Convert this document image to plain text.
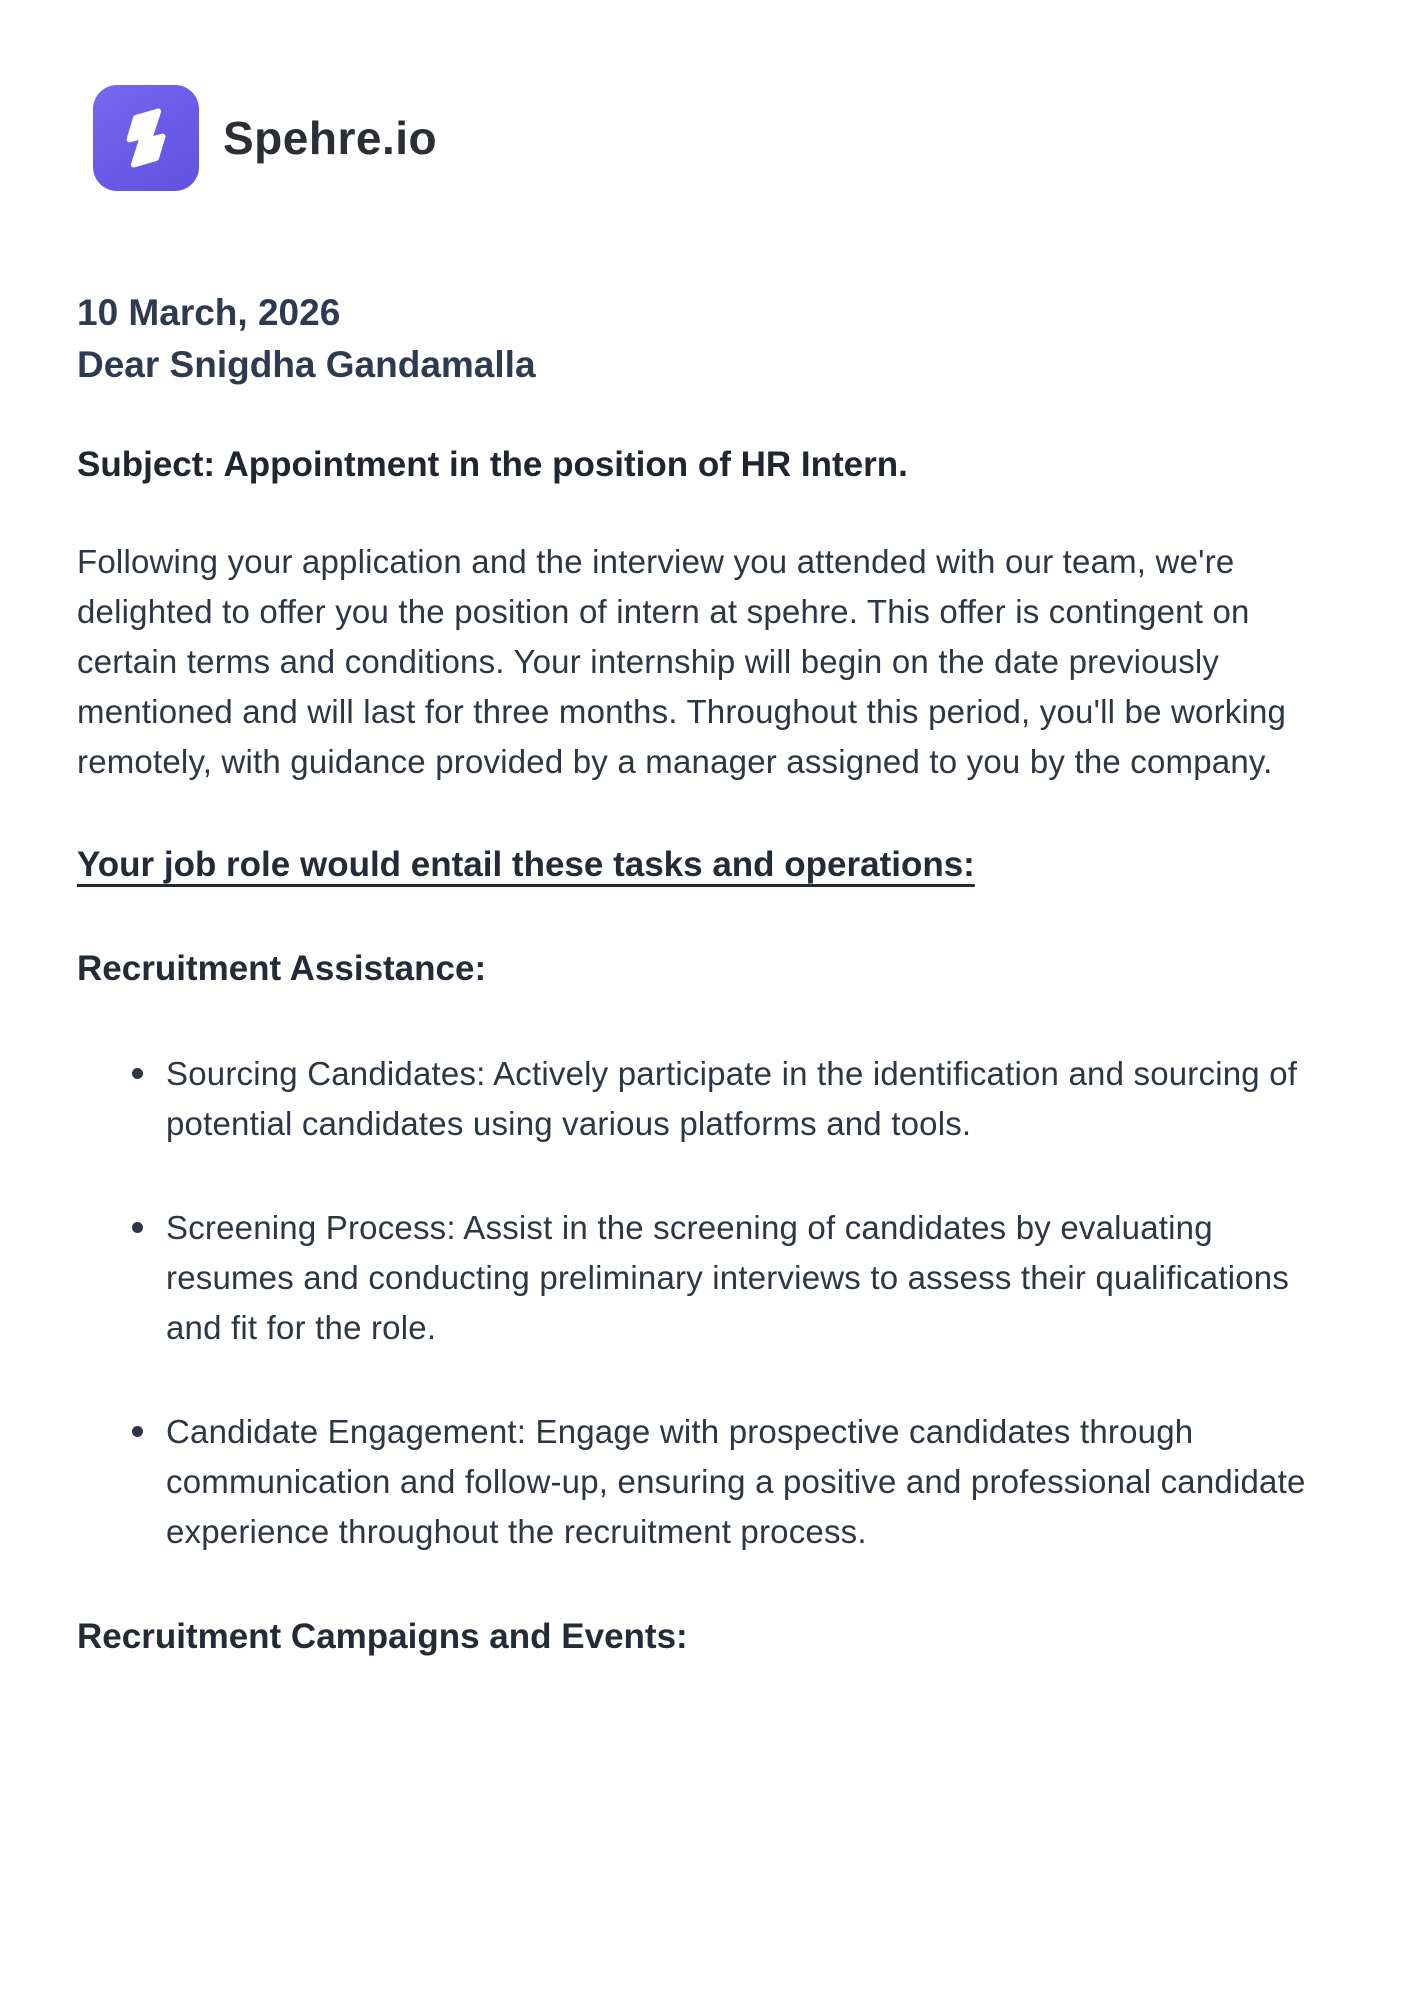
Spehre.io
10 March, 2026
Dear Snigdha Gandamalla
Subject: Appointment in the position of HR Intern.
Following your application and the interview you attended with our team, we're delighted to offer you the position of intern at spehre. This offer is contingent on certain terms and conditions. Your internship will begin on the date previously mentioned and will last for three months. Throughout this period, you'll be working remotely, with guidance provided by a manager assigned to you by the company.
Your job role would entail these tasks and operations:
Recruitment Assistance:
Sourcing Candidates: Actively participate in the identification and sourcing of potential candidates using various platforms and tools.
Screening Process: Assist in the screening of candidates by evaluating resumes and conducting preliminary interviews to assess their qualifications and fit for the role.
Candidate Engagement: Engage with prospective candidates through communication and follow-up, ensuring a positive and professional candidate experience throughout the recruitment process.
Recruitment Campaigns and Events:
